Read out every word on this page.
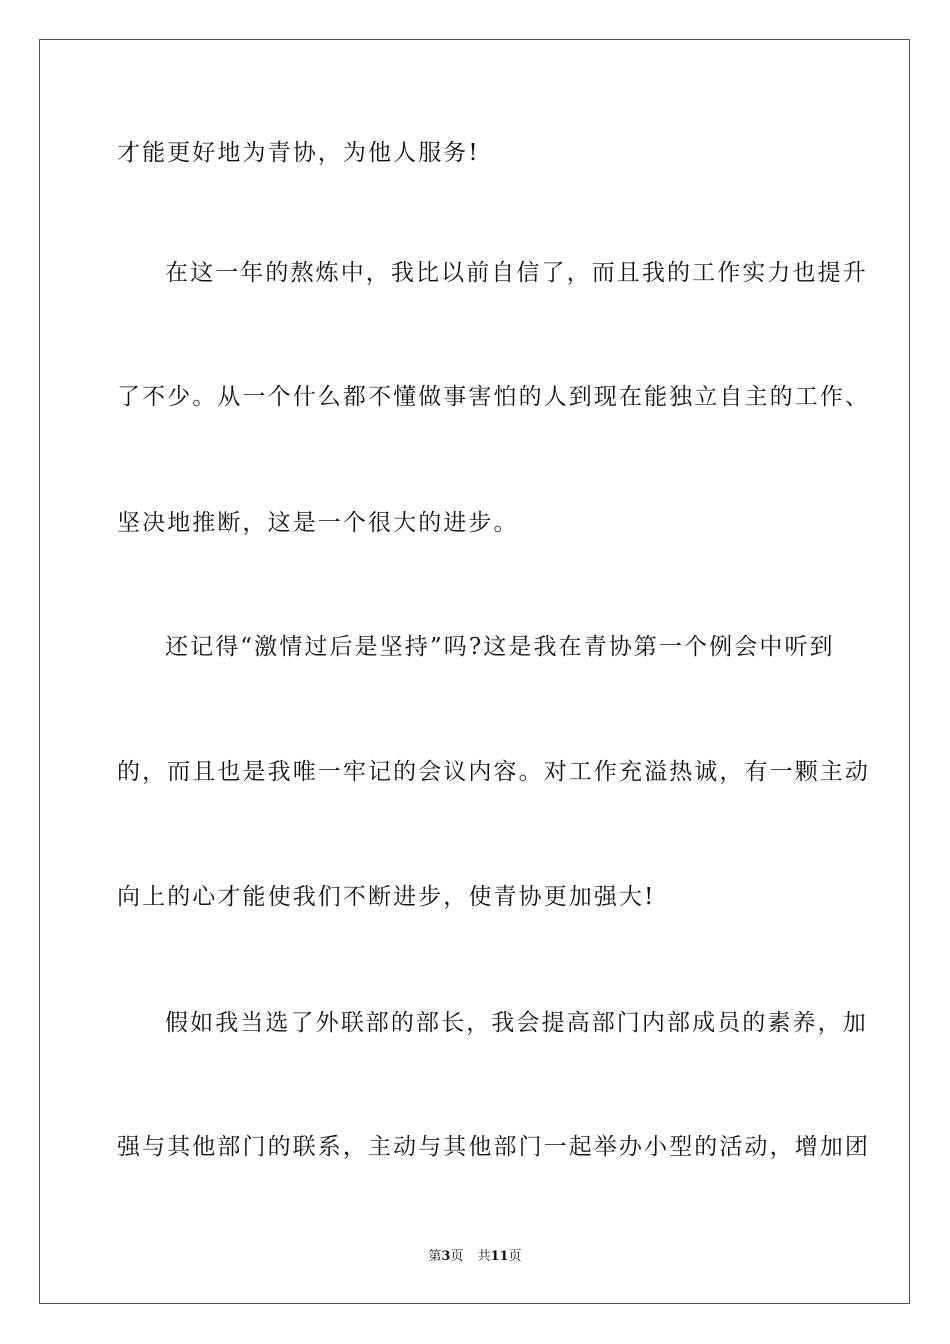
才能更好地为青协，为他人服务!
在这一年的熬炼中，我比以前自信了，而且我的工作实力也提升
了不少。从一个什么都不懂做事害怕的人到现在能独立自主的工作、
坚决地推断，这是一个很大的进步。
还记得“激情过后是坚持”吗?这是我在青协第一个例会中听到
的，而且也是我唯一牢记的会议内容。对工作充溢热诚，有一颗主动
向上的心才能使我们不断进步，使青协更加强大!
假如我当选了外联部的部长，我会提高部门内部成员的素养，加
强与其他部门的联系，主动与其他部门一起举办小型的活动，增加团
第3页 共11页
